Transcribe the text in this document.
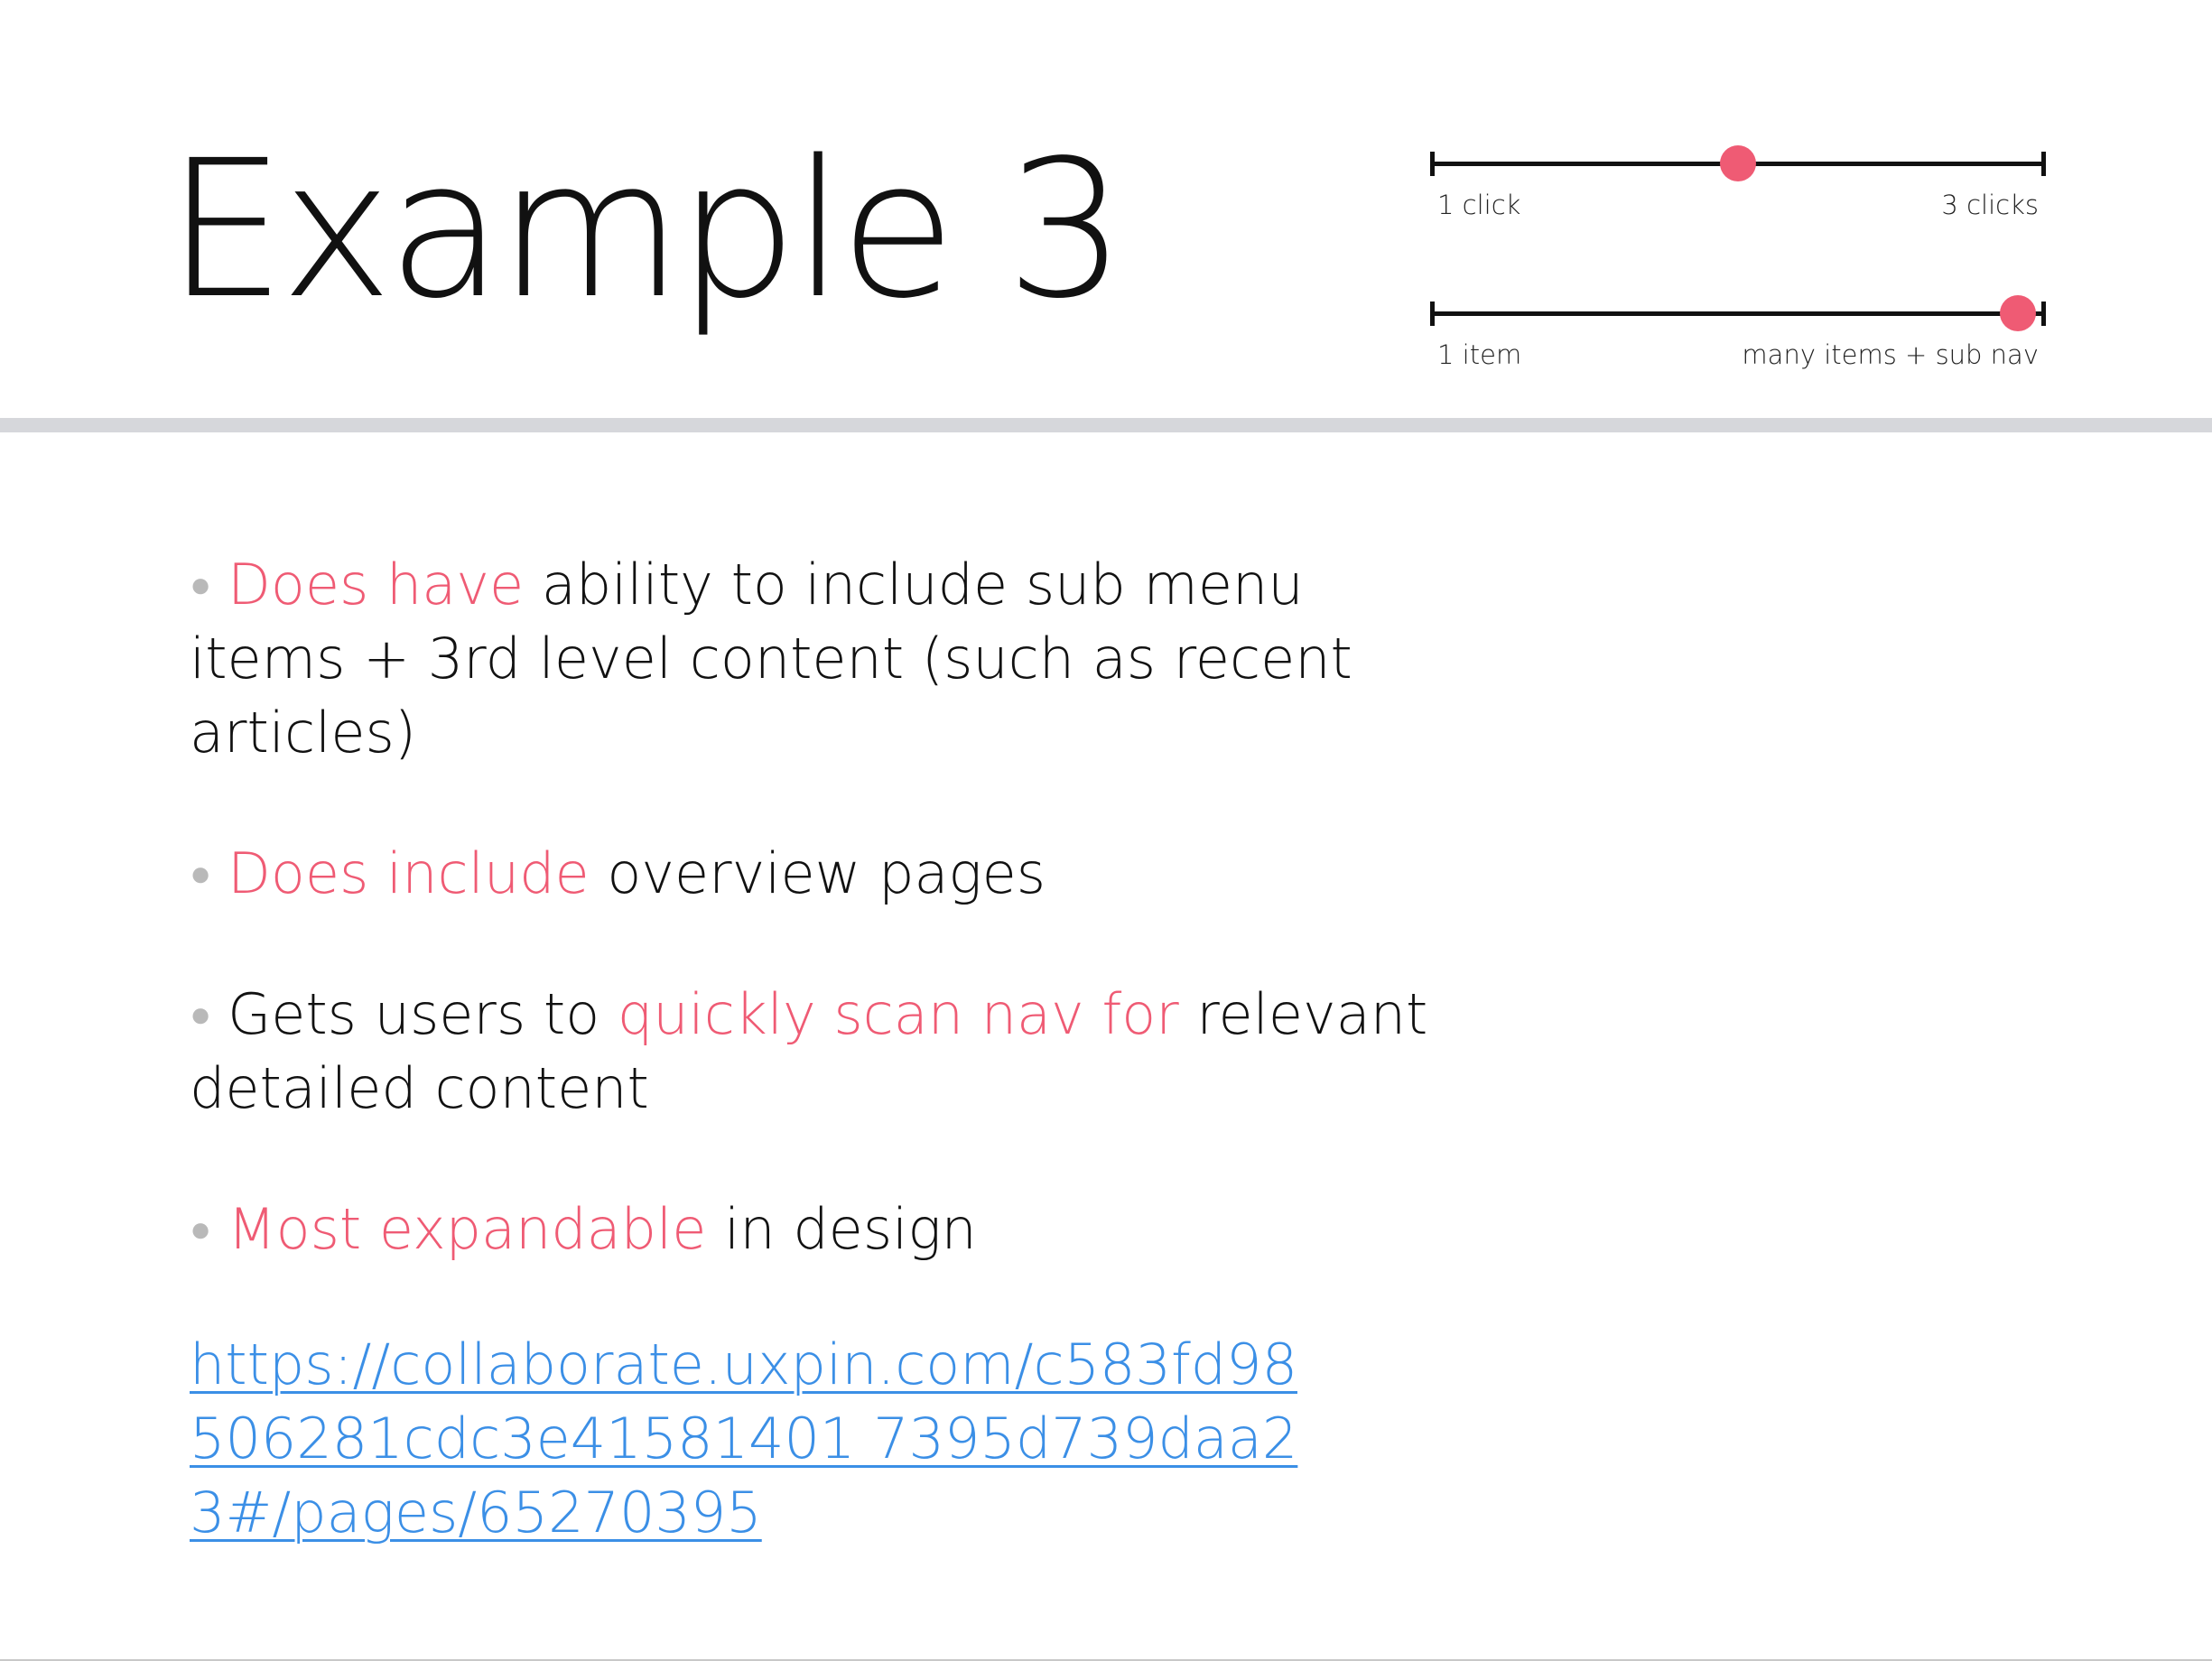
Example 3	1 click	3 clicks
1 item	many items + sub nav

● Does have ability to include sub menu items + 3rd level content (such as recent articles)

● Does include overview pages

● Gets users to quickly scan nav for relevant detailed content

● Most expandable in design

https://collaborate.uxpin.com/c583fd98506281cdc3e41581401 7395d739daa23#/pages/65270395
